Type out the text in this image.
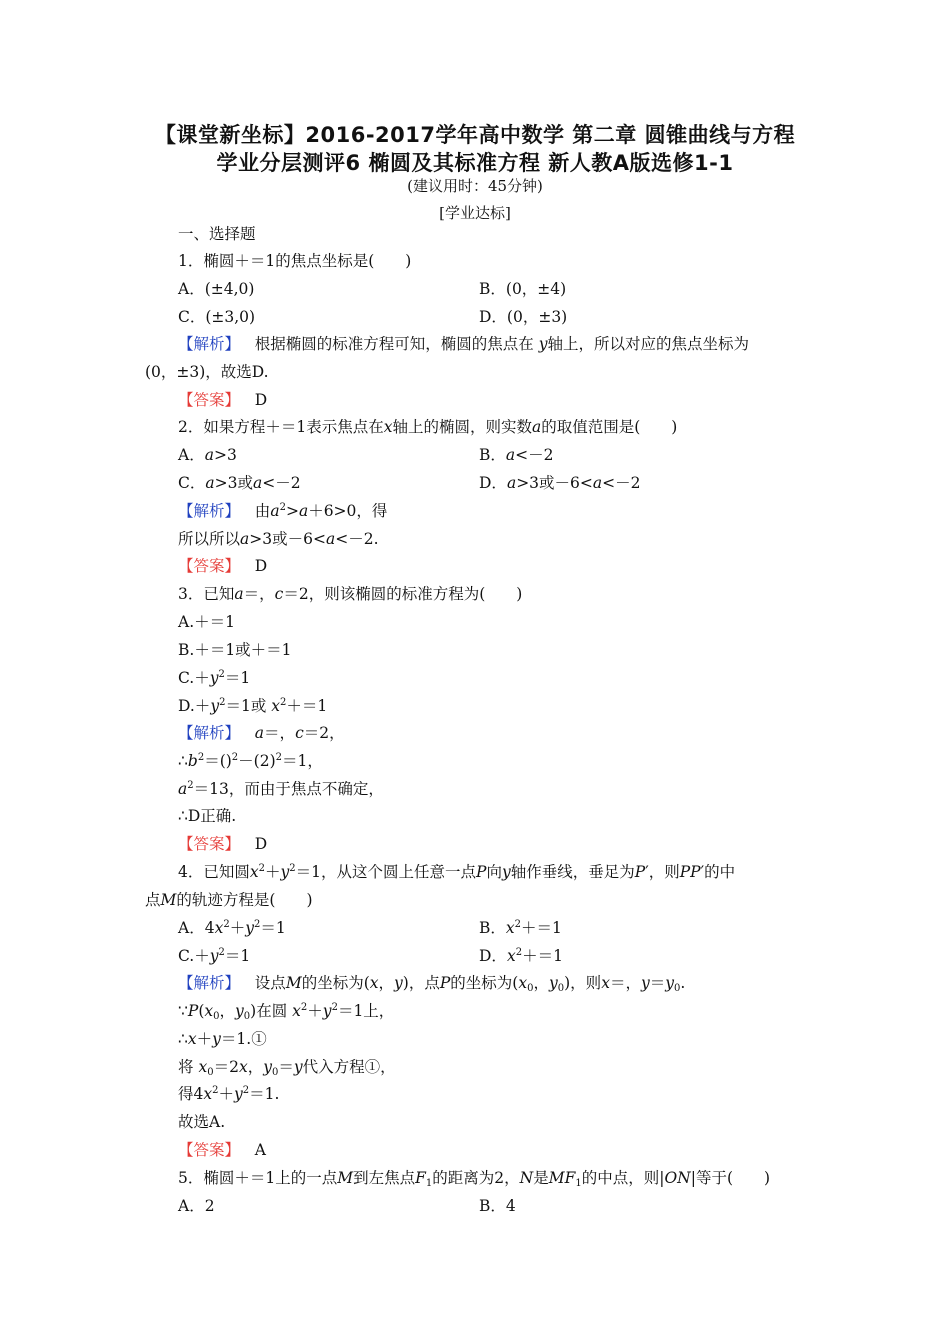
【课堂新坐标】2016-2017学年高中数学 第二章 圆锥曲线与方程
学业分层测评6 椭圆及其标准方程 新人教A版选修1-1
(建议用时：45分钟)
[学业达标]
一、选择题
1．椭圆＋＝1的焦点坐标是(　　)
A．(±4,0)	B．(0，±4)
C．(±3,0)	D．(0，±3)
【解析】 根据椭圆的标准方程可知，椭圆的焦点在 y轴上，所以对应的焦点坐标为
(0，±3)，故选D.
【答案】 D
2．如果方程＋＝1表示焦点在x轴上的椭圆，则实数a的取值范围是(　　)
A．a>3	B．a<－2
C．a>3或a<－2	D．a>3或－6<a<－2
【解析】 由$a^2>a+6>0$，得
所以所以a>3或－6<a<－2.
【答案】 D
3．已知a＝，c＝2，则该椭圆的标准方程为(　　)
A.＋＝1
B.＋＝1或＋＝1
$C.+y^2=1$
$D.+y^2=1$或 $x^2+=1$
【解析】 a＝，c＝2，
$\therefore b^2=()^2-(2)^2=1$，
$a^2=13$，而由于焦点不确定，
∴D正确.
【答案】 D
4．已知圆$x^2+y^2=1$，从这个圆上任意一点P向y轴作垂线，垂足为P′，则PP′的中
点M的轨迹方程是(　　)
A．$4x^2+y^2=1$	B．$x^2+=1$
$C.+y^2=1$	D．$x^2+=1$
【解析】 设点M的坐标为(x，y)，点P的坐标为($x_0$，$y_0$)，则x＝，$y=y_0$.
$\because P(x_0$，$y_0$)在圆 $x^2+y^2=1$上，
∴x＋y＝1.①
将 $x_0=2x$，$y_0=y$代入方程①，
得$4x^2+y^2=1$.
故选A.
【答案】 A
5．椭圆＋＝1上的一点M到左焦点$F_1$的距离为2，N是$MF_1$的中点，则|ON|等于(　　)
A．2	B．4
